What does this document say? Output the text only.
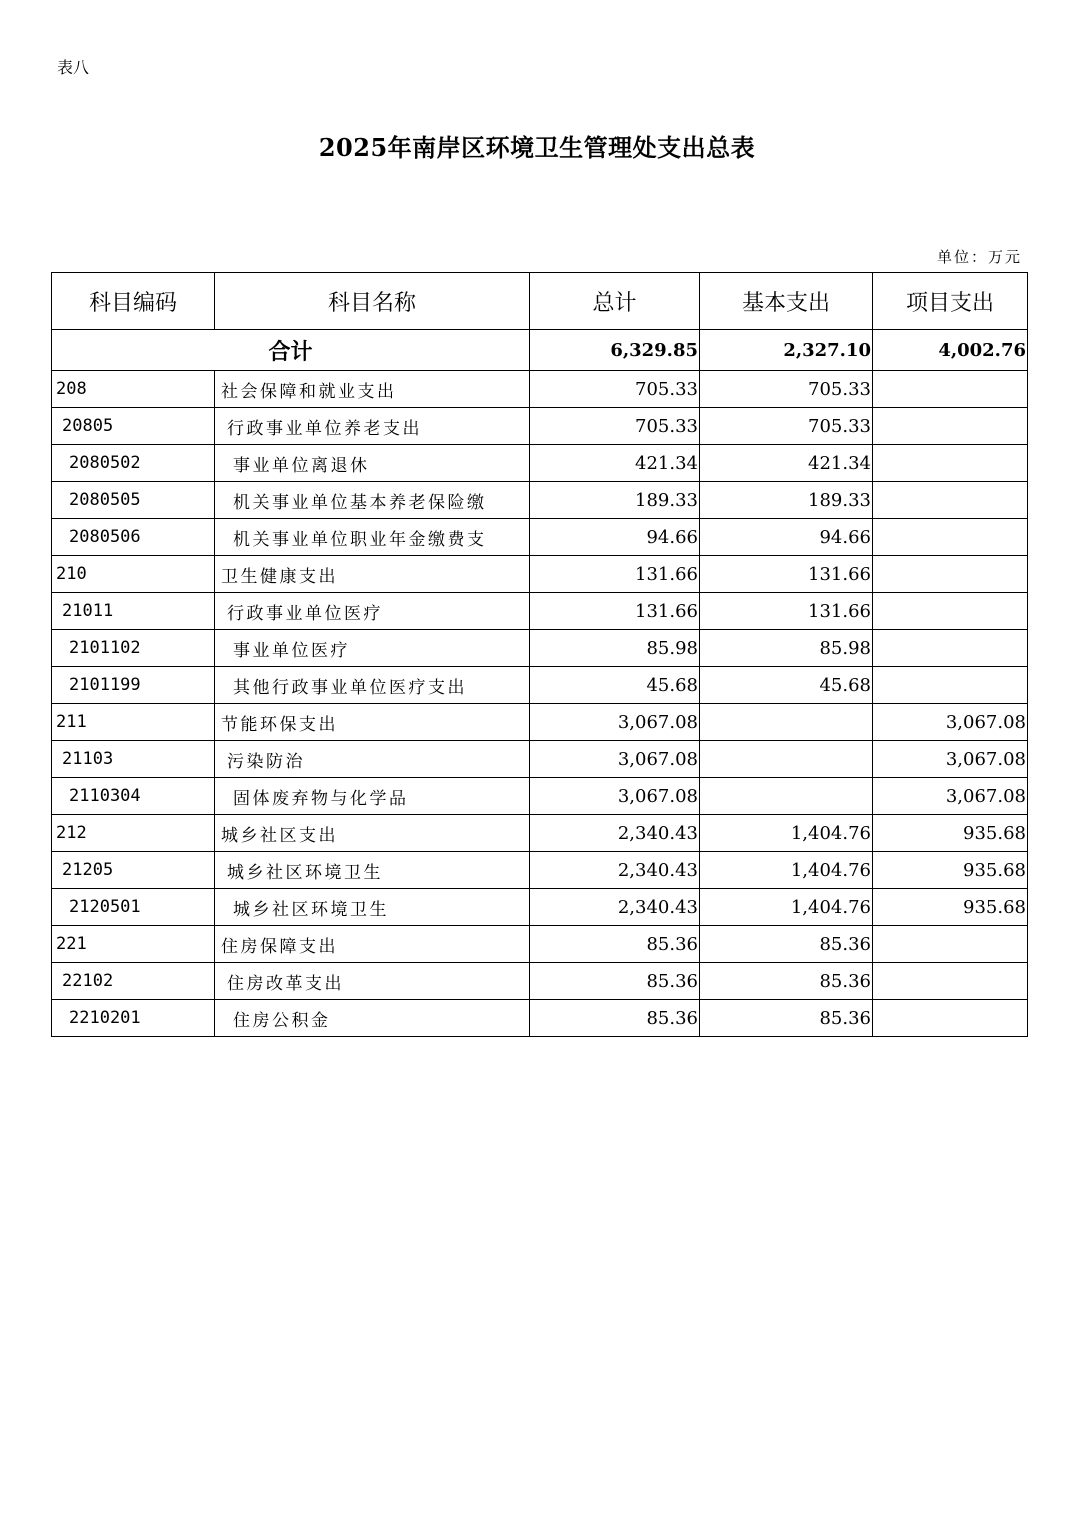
表八
2025年南岸区环境卫生管理处支出总表
单位：万元
科目编码	科目名称	总计	基本支出	项目支出
合计		6,329.85	2,327.10	4,002.76
208	社会保障和就业支出	705.33	705.33	
20805	行政事业单位养老支出	705.33	705.33	
2080502	事业单位离退休	421.34	421.34	
2080505	机关事业单位基本养老保险缴	189.33	189.33	
2080506	机关事业单位职业年金缴费支	94.66	94.66	
210	卫生健康支出	131.66	131.66	
21011	行政事业单位医疗	131.66	131.66	
2101102	事业单位医疗	85.98	85.98	
2101199	其他行政事业单位医疗支出	45.68	45.68	
211	节能环保支出	3,067.08		3,067.08
21103	污染防治	3,067.08		3,067.08
2110304	固体废弃物与化学品	3,067.08		3,067.08
212	城乡社区支出	2,340.43	1,404.76	935.68
21205	城乡社区环境卫生	2,340.43	1,404.76	935.68
2120501	城乡社区环境卫生	2,340.43	1,404.76	935.68
221	住房保障支出	85.36	85.36	
22102	住房改革支出	85.36	85.36	
2210201	住房公积金	85.36	85.36	
